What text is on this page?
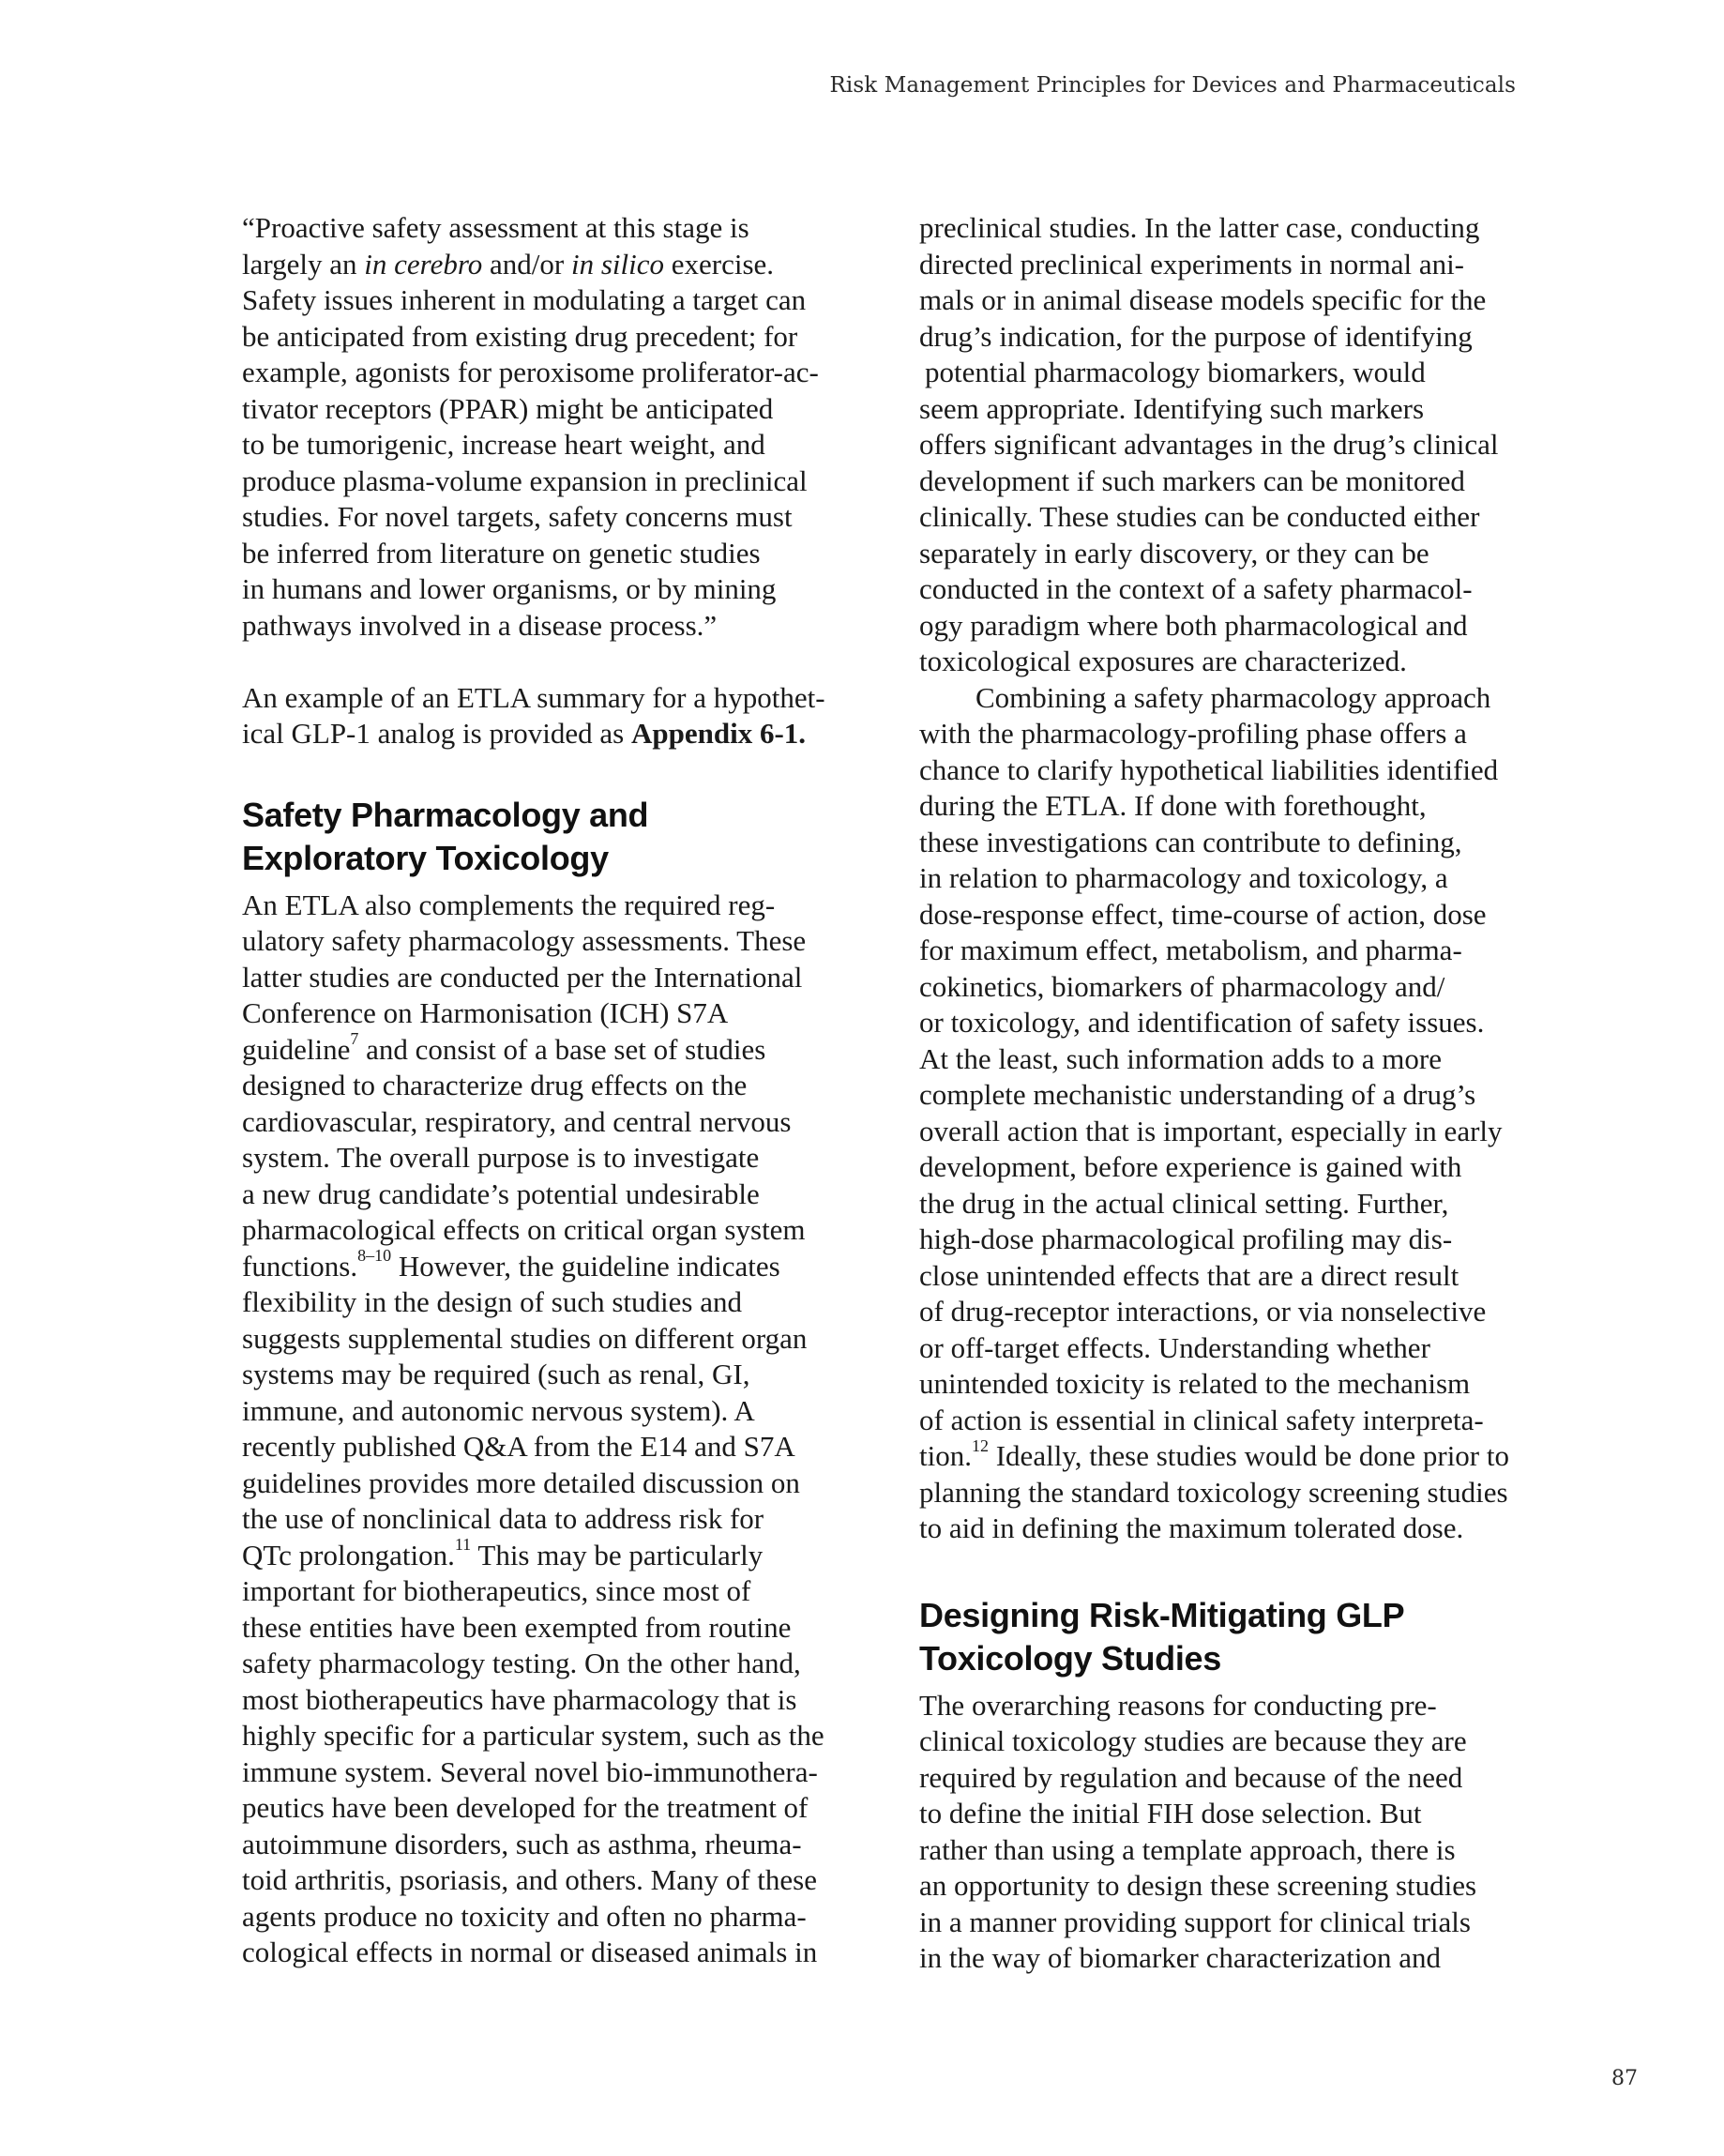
Risk Management Principles for Devices and Pharmaceuticals
“Proactive safety assessment at this stage is
largely an in cerebro and/or in silico exercise.
Safety issues inherent in modulating a target can
be anticipated from existing drug precedent; for
example, agonists for peroxisome proliferator-ac-
tivator receptors (PPAR) might be anticipated
to be tumorigenic, increase heart weight, and
produce plasma-volume expansion in preclinical
studies. For novel targets, safety concerns must
be inferred from literature on genetic studies
in humans and lower organisms, or by mining
pathways involved in a disease process.”
An example of an ETLA summary for a hypothet-
ical GLP-1 analog is provided as Appendix 6-1.
Safety Pharmacology and
Exploratory Toxicology
An ETLA also complements the required reg-
ulatory safety pharmacology assessments. These
latter studies are conducted per the International
Conference on Harmonisation (ICH) S7A
guideline$^7$ and consist of a base set of studies
designed to characterize drug effects on the
cardiovascular, respiratory, and central nervous
system. The overall purpose is to investigate
a new drug candidate’s potential undesirable
pharmacological effects on critical organ system
functions.$^{8-10}$ However, the guideline indicates
flexibility in the design of such studies and
suggests supplemental studies on different organ
systems may be required (such as renal, GI,
immune, and autonomic nervous system). A
recently published Q&A from the E14 and S7A
guidelines provides more detailed discussion on
the use of nonclinical data to address risk for
QTc prolongation.$^{11}$ This may be particularly
important for biotherapeutics, since most of
these entities have been exempted from routine
safety pharmacology testing. On the other hand,
most biotherapeutics have pharmacology that is
highly specific for a particular system, such as the
immune system. Several novel bio-immunothera-
peutics have been developed for the treatment of
autoimmune disorders, such as asthma, rheuma-
toid arthritis, psoriasis, and others. Many of these
agents produce no toxicity and often no pharma-
cological effects in normal or diseased animals in
preclinical studies. In the latter case, conducting
directed preclinical experiments in normal ani-
mals or in animal disease models specific for the
drug’s indication, for the purpose of identifying
potential pharmacology biomarkers, would
seem appropriate. Identifying such markers
offers significant advantages in the drug’s clinical
development if such markers can be monitored
clinically. These studies can be conducted either
separately in early discovery, or they can be
conducted in the context of a safety pharmacol-
ogy paradigm where both pharmacological and
toxicological exposures are characterized.
Combining a safety pharmacology approach
with the pharmacology-profiling phase offers a
chance to clarify hypothetical liabilities identified
during the ETLA. If done with forethought,
these investigations can contribute to defining,
in relation to pharmacology and toxicology, a
dose-response effect, time-course of action, dose
for maximum effect, metabolism, and pharma-
cokinetics, biomarkers of pharmacology and/
or toxicology, and identification of safety issues.
At the least, such information adds to a more
complete mechanistic understanding of a drug’s
overall action that is important, especially in early
development, before experience is gained with
the drug in the actual clinical setting. Further,
high-dose pharmacological profiling may dis-
close unintended effects that are a direct result
of drug-receptor interactions, or via nonselective
or off-target effects. Understanding whether
unintended toxicity is related to the mechanism
of action is essential in clinical safety interpreta-
tion.$^{12}$ Ideally, these studies would be done prior to
planning the standard toxicology screening studies
to aid in defining the maximum tolerated dose.
Designing Risk-Mitigating GLP
Toxicology Studies
The overarching reasons for conducting pre-
clinical toxicology studies are because they are
required by regulation and because of the need
to define the initial FIH dose selection. But
rather than using a template approach, there is
an opportunity to design these screening studies
in a manner providing support for clinical trials
in the way of biomarker characterization and
87
